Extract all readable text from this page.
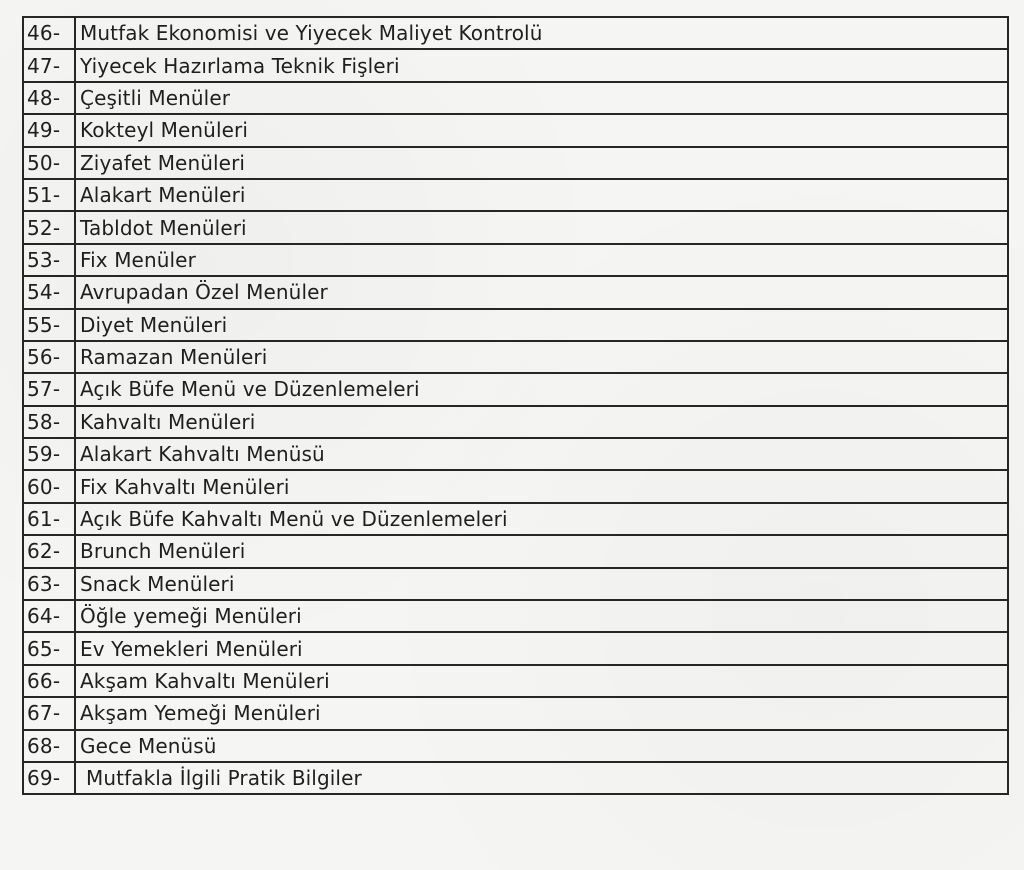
46-	Mutfak Ekonomisi ve Yiyecek Maliyet Kontrolü
47-	Yiyecek Hazırlama Teknik Fişleri
48-	Çeşitli Menüler
49-	Kokteyl Menüleri
50-	Ziyafet Menüleri
51-	Alakart Menüleri
52-	Tabldot Menüleri
53-	Fix Menüler
54-	Avrupadan Özel Menüler
55-	Diyet Menüleri
56-	Ramazan Menüleri
57-	Açık Büfe Menü ve Düzenlemeleri
58-	Kahvaltı Menüleri
59-	Alakart Kahvaltı Menüsü
60-	Fix Kahvaltı Menüleri
61-	Açık Büfe Kahvaltı Menü ve Düzenlemeleri
62-	Brunch Menüleri
63-	Snack Menüleri
64-	Öğle yemeği Menüleri
65-	Ev Yemekleri Menüleri
66-	Akşam Kahvaltı Menüleri
67-	Akşam Yemeği Menüleri
68-	Gece Menüsü
69-	Mutfakla İlgili Pratik Bilgiler
